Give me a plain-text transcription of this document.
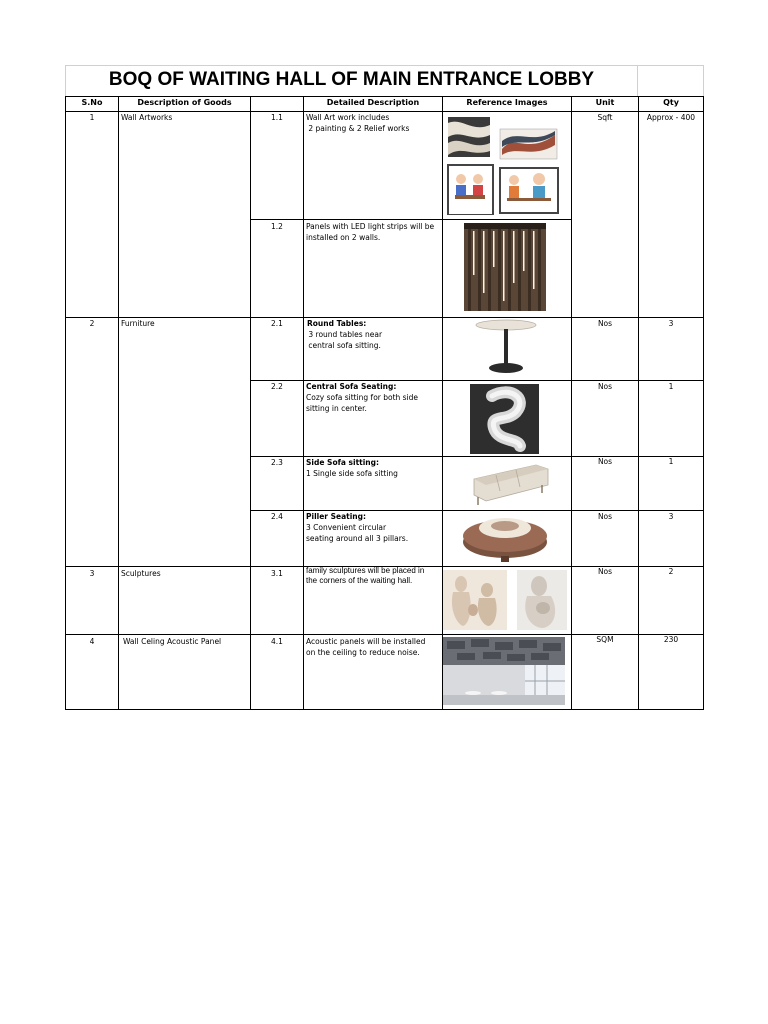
BOQ OF WAITING HALL OF MAIN ENTRANCE LOBBY
S.No	Description of Goods	Detailed Description	Reference Images	Unit	Qty
1	Wall Artworks	Sqft	Approx - 400
1.1	Wall Art work includes
2 painting & 2 Relief works
1.2	Panels with LED light strips will be
installed on 2 walls.
2	Furniture	2.1	Round Tables:
3 round tables near
central sofa sitting.
Nos	3
2.2	Central Sofa Seating:
Cozy sofa sitting for both side
sitting in center.
Nos	1
2.3	Side Sofa sitting:
1 Single side sofa sitting
Nos	1
2.4	Piller Seating:
3 Convenient circular
seating around all 3 pillars.
Nos	3
3	Sculptures	3.1	family sculptures will be placed in
the corners of the waiting hall.
Nos	2
4	Wall Celing Acoustic Panel	4.1	Acoustic panels will be installed
on the ceiling to reduce noise.
SQM	230
